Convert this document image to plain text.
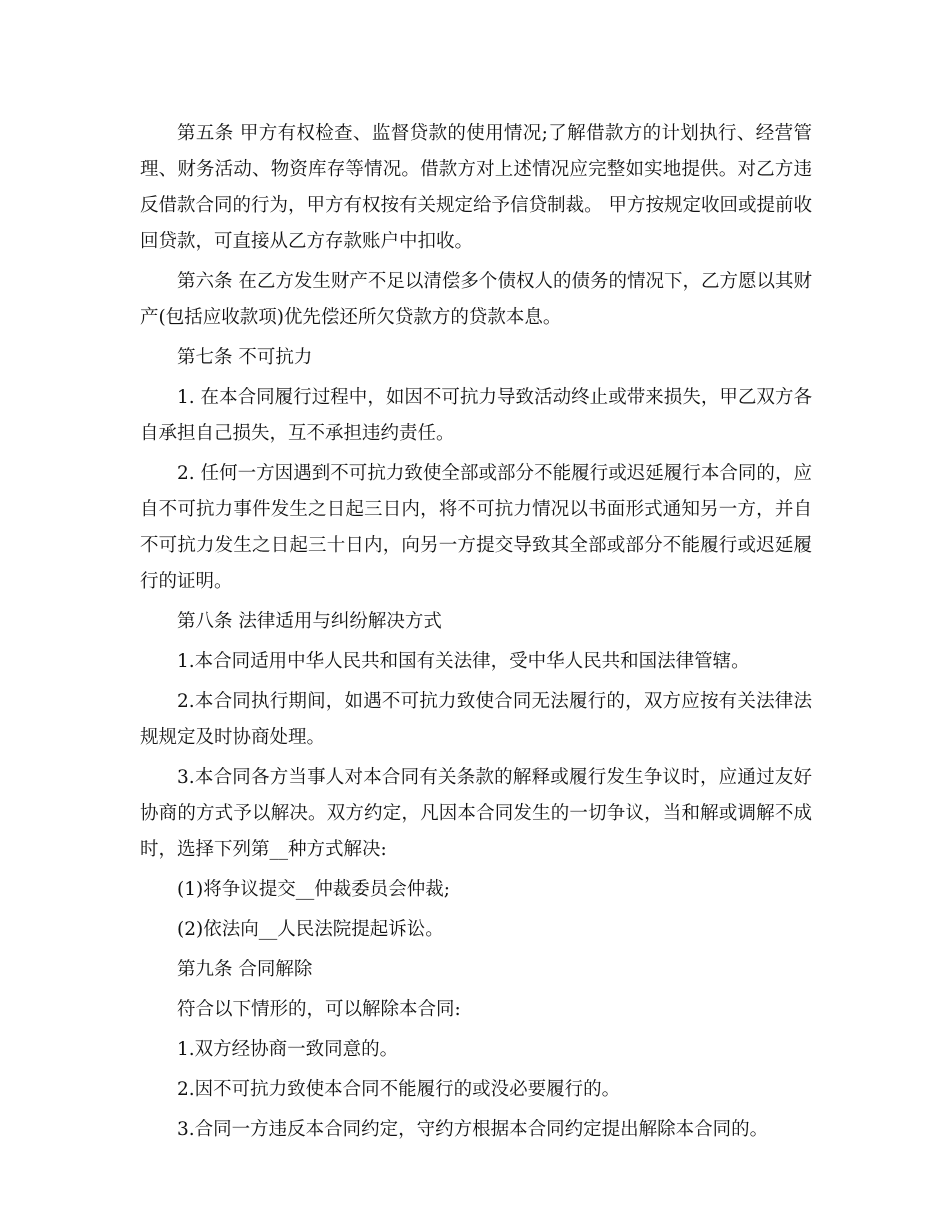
第五条 甲方有权检查、监督贷款的使用情况;了解借款方的计划执行、经营管理、财务活动、物资库存等情况。借款方对上述情况应完整如实地提供。对乙方违反借款合同的行为，甲方有权按有关规定给予信贷制裁。 甲方按规定收回或提前收回贷款，可直接从乙方存款账户中扣收。

第六条 在乙方发生财产不足以清偿多个债权人的债务的情况下，乙方愿以其财产(包括应收款项)优先偿还所欠贷款方的贷款本息。

第七条 不可抗力

1. 在本合同履行过程中，如因不可抗力导致活动终止或带来损失，甲乙双方各自承担自己损失，互不承担违约责任。

2. 任何一方因遇到不可抗力致使全部或部分不能履行或迟延履行本合同的，应自不可抗力事件发生之日起三日内，将不可抗力情况以书面形式通知另一方，并自不可抗力发生之日起三十日内，向另一方提交导致其全部或部分不能履行或迟延履行的证明。

第八条 法律适用与纠纷解决方式

1.本合同适用中华人民共和国有关法律，受中华人民共和国法律管辖。

2.本合同执行期间，如遇不可抗力致使合同无法履行的，双方应按有关法律法规规定及时协商处理。

3.本合同各方当事人对本合同有关条款的解释或履行发生争议时，应通过友好协商的方式予以解决。双方约定，凡因本合同发生的一切争议，当和解或调解不成时，选择下列第__种方式解决:

(1)将争议提交__仲裁委员会仲裁;

(2)依法向__人民法院提起诉讼。

第九条 合同解除

符合以下情形的，可以解除本合同:

1.双方经协商一致同意的。

2.因不可抗力致使本合同不能履行的或没必要履行的。

3.合同一方违反本合同约定，守约方根据本合同约定提出解除本合同的。
